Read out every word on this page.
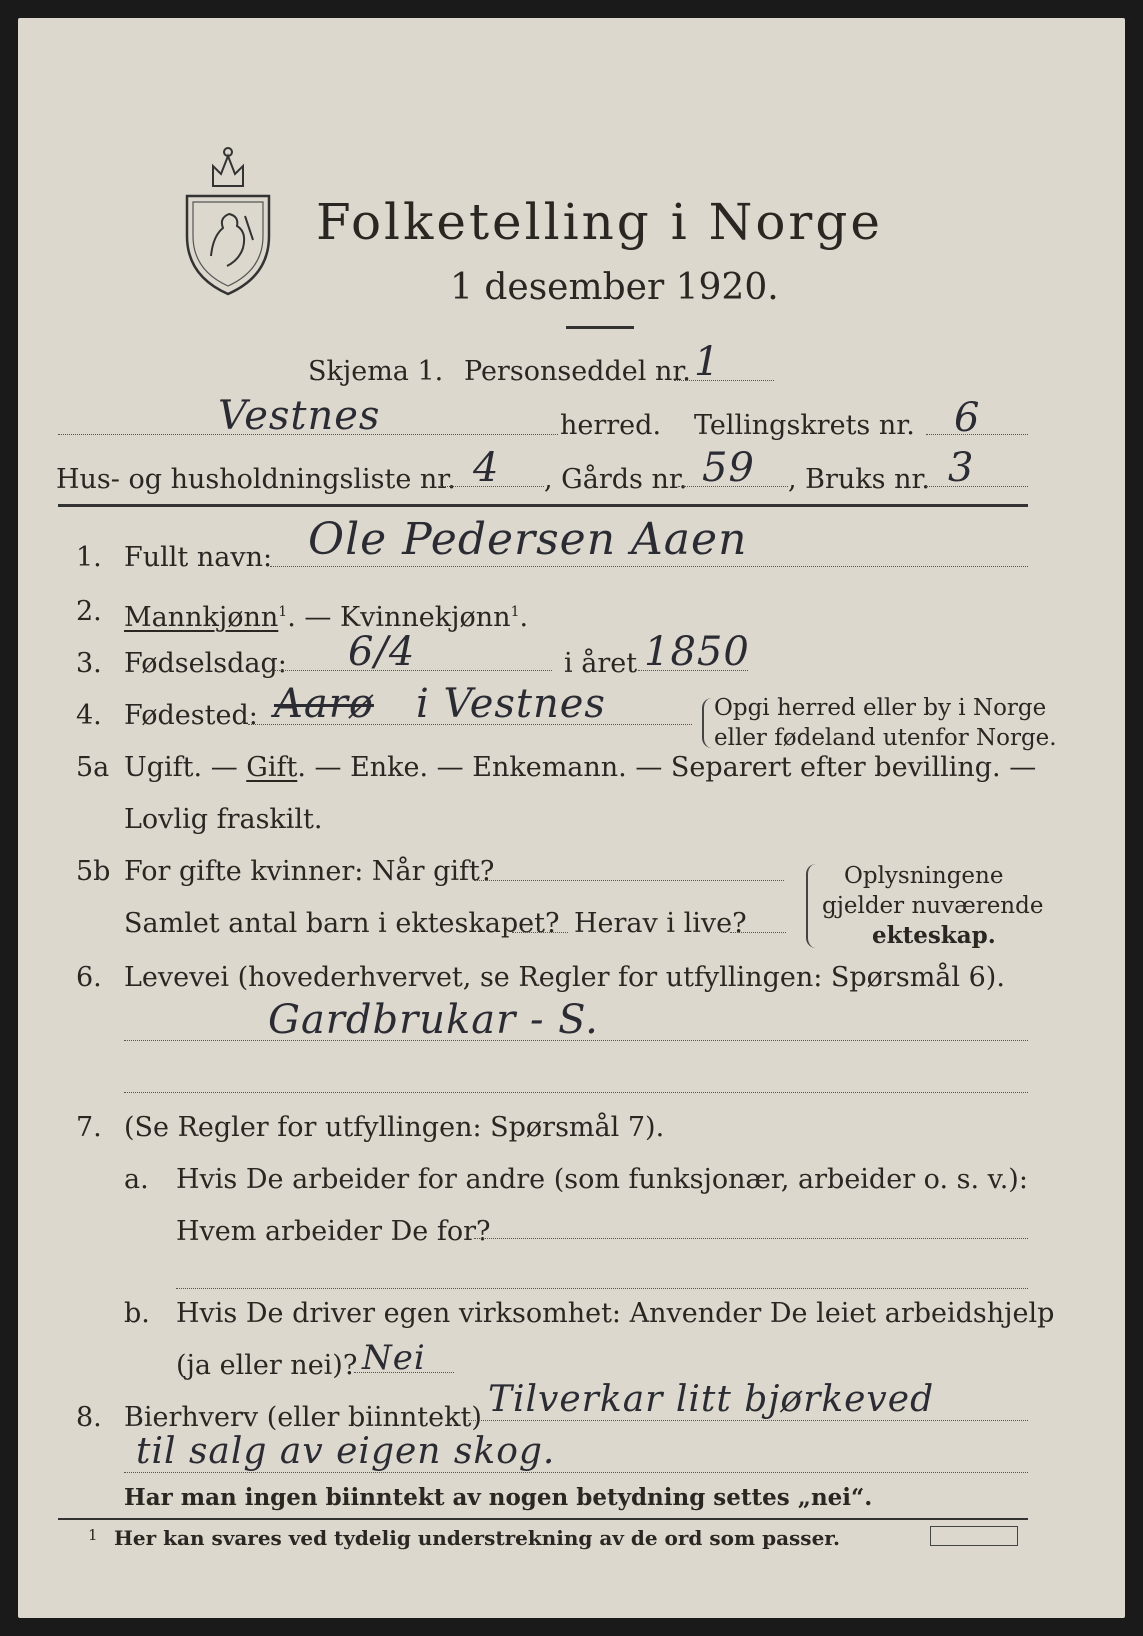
Folketelling i Norge
1 desember 1920.
Skjema 1. Personseddel nr. 1
Vestnes	herred. Tellingskrets nr. 6
Hus- og husholdningsliste nr. 4 , Gårds nr. 59 , Bruks nr. 3
1. Fullt navn: Ole Pedersen Aaen
2. Mannkjønn$^1$. — Kvinnekjønn$^1$.
3. Fødselsdag: 6/4	i året 1850
4. Fødested: Aarø i Vestnes	Opgi herred eller by i Norge
eller fødeland utenfor Norge.
5a Ugift. — Gift. — Enke. — Enkemann. — Separert efter bevilling. —
Lovlig fraskilt.
5b For gifte kvinner: Når gift?
Samlet antal barn i ekteskapet? Herav i live?
Oplysningene
gjelder nuværende
ekteskap.
6. Levevei (hovederhvervet, se Regler for utfyllingen: Spørsmål 6).
Gardbrukar - S.
7. (Se Regler for utfyllingen: Spørsmål 7).
a. Hvis De arbeider for andre (som funksjonær, arbeider o. s. v.):
Hvem arbeider De for?
b. Hvis De driver egen virksomhet: Anvender De leiet arbeidshjelp
(ja eller nei)? Nei
8. Bierhverv (eller biinntekt) Tilverkar litt bjørkeved
til salg av eigen skog.
Har man ingen biinntekt av nogen betydning settes „nei“.
1 Her kan svares ved tydelig understrekning av de ord som passer.
